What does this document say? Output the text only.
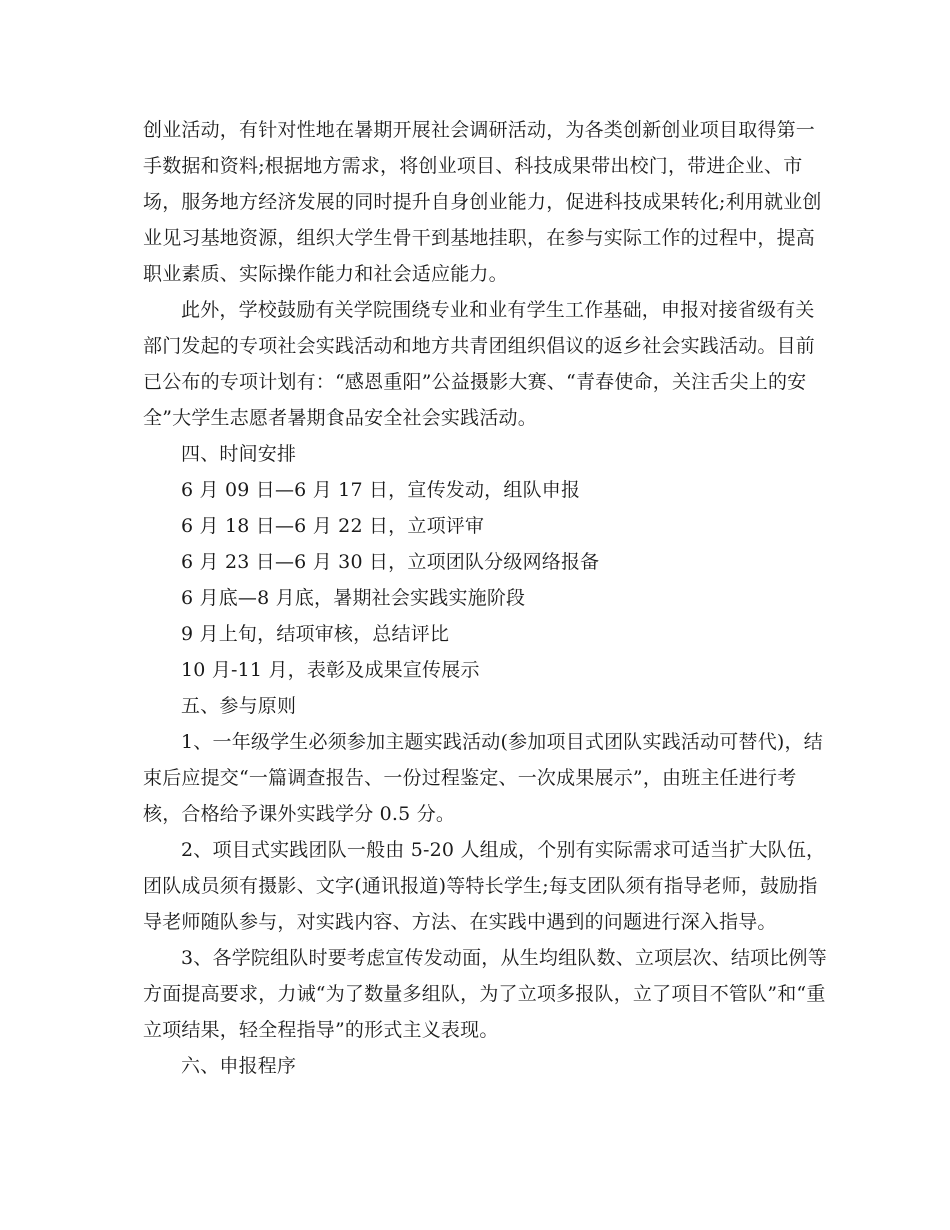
创业活动，有针对性地在暑期开展社会调研活动，为各类创新创业项目取得第一
手数据和资料;根据地方需求，将创业项目、科技成果带出校门，带进企业、市
场，服务地方经济发展的同时提升自身创业能力，促进科技成果转化;利用就业创
业见习基地资源，组织大学生骨干到基地挂职，在参与实际工作的过程中，提高
职业素质、实际操作能力和社会适应能力。
此外，学校鼓励有关学院围绕专业和业有学生工作基础，申报对接省级有关
部门发起的专项社会实践活动和地方共青团组织倡议的返乡社会实践活动。目前
已公布的专项计划有：“感恩重阳”公益摄影大赛、“青春使命，关注舌尖上的安
全”大学生志愿者暑期食品安全社会实践活动。
四、时间安排
6 月 09 日—6 月 17 日，宣传发动，组队申报
6 月 18 日—6 月 22 日，立项评审
6 月 23 日—6 月 30 日，立项团队分级网络报备
6 月底—8 月底，暑期社会实践实施阶段
9 月上旬，结项审核，总结评比
10 月-11 月，表彰及成果宣传展示
五、参与原则
1、一年级学生必须参加主题实践活动(参加项目式团队实践活动可替代)，结
束后应提交“一篇调查报告、一份过程鉴定、一次成果展示”，由班主任进行考
核，合格给予课外实践学分 0.5 分。
2、项目式实践团队一般由 5-20 人组成，个别有实际需求可适当扩大队伍，
团队成员须有摄影、文字(通讯报道)等特长学生;每支团队须有指导老师，鼓励指
导老师随队参与，对实践内容、方法、在实践中遇到的问题进行深入指导。
3、各学院组队时要考虑宣传发动面，从生均组队数、立项层次、结项比例等
方面提高要求，力诫“为了数量多组队，为了立项多报队，立了项目不管队”和“重
立项结果，轻全程指导”的形式主义表现。
六、申报程序
